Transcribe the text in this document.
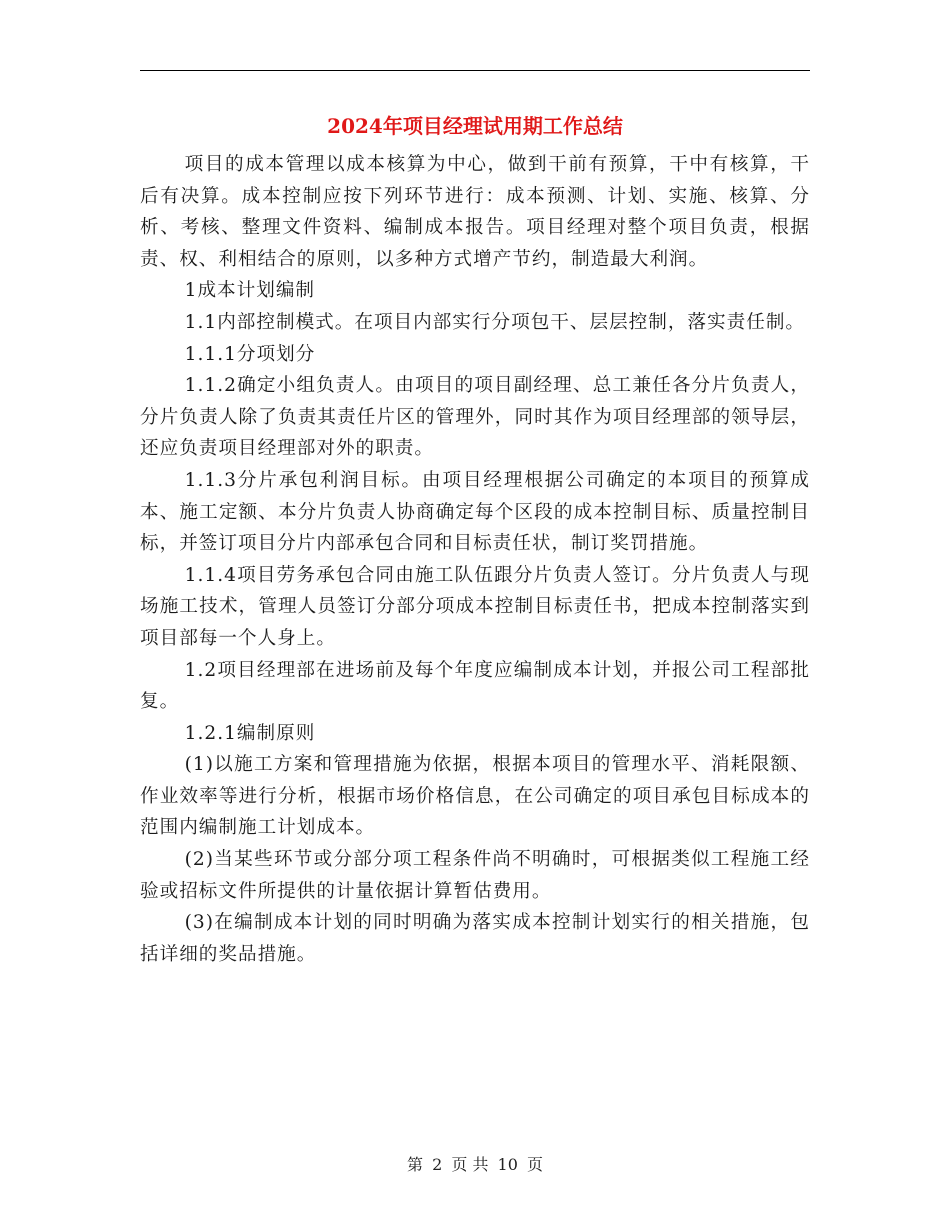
2024年项目经理试用期工作总结

项目的成本管理以成本核算为中心，做到干前有预算，干中有核算，干后有决算。成本控制应按下列环节进行：成本预测、计划、实施、核算、分析、考核、整理文件资料、编制成本报告。项目经理对整个项目负责，根据责、权、利相结合的原则，以多种方式增产节约，制造最大利润。

1成本计划编制

1.1内部控制模式。在项目内部实行分项包干、层层控制，落实责任制。

1.1.1分项划分

1.1.2确定小组负责人。由项目的项目副经理、总工兼任各分片负责人，分片负责人除了负责其责任片区的管理外，同时其作为项目经理部的领导层，还应负责项目经理部对外的职责。

1.1.3分片承包利润目标。由项目经理根据公司确定的本项目的预算成本、施工定额、本分片负责人协商确定每个区段的成本控制目标、质量控制目标，并签订项目分片内部承包合同和目标责任状，制订奖罚措施。

1.1.4项目劳务承包合同由施工队伍跟分片负责人签订。分片负责人与现场施工技术，管理人员签订分部分项成本控制目标责任书，把成本控制落实到项目部每一个人身上。

1.2项目经理部在进场前及每个年度应编制成本计划，并报公司工程部批复。

1.2.1编制原则

(1)以施工方案和管理措施为依据，根据本项目的管理水平、消耗限额、作业效率等进行分析，根据市场价格信息，在公司确定的项目承包目标成本的范围内编制施工计划成本。

(2)当某些环节或分部分项工程条件尚不明确时，可根据类似工程施工经验或招标文件所提供的计量依据计算暂估费用。

(3)在编制成本计划的同时明确为落实成本控制计划实行的相关措施，包括详细的奖品措施。

第 2 页 共 10 页
